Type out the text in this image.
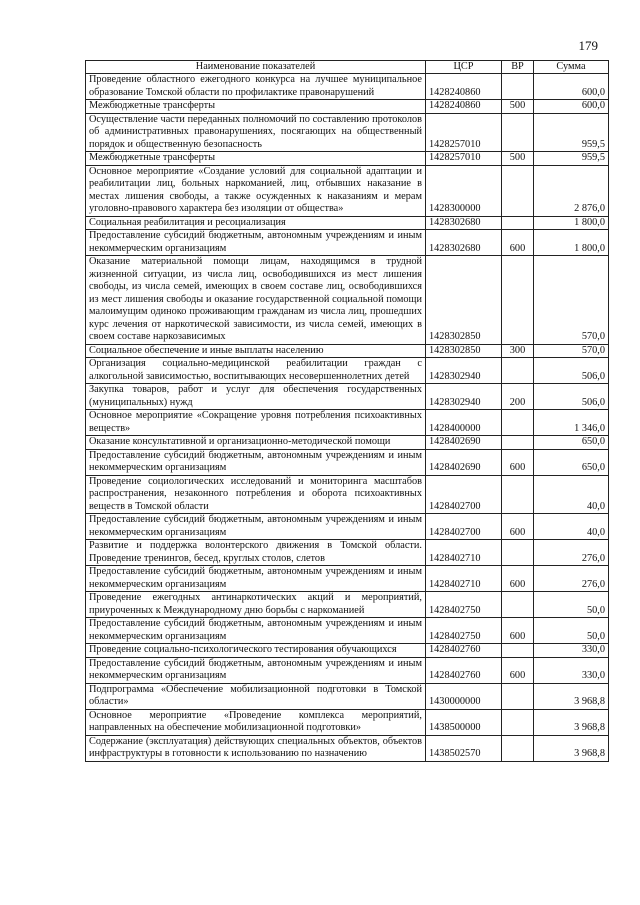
179
Наименование показателей	ЦСР	ВР	Сумма
Проведение областного ежегодного конкурса на лучшее муниципальное образование Томской области по профилактике правонарушений	1428240860		600,0
Межбюджетные трансферты	1428240860	500	600,0
Осуществление части переданных полномочий по составлению протоколов об административных правонарушениях, посягающих на общественный порядок и общественную безопасность	1428257010		959,5
Межбюджетные трансферты	1428257010	500	959,5
Основное мероприятие «Создание условий для социальной адаптации и реабилитации лиц, больных наркоманией, лиц, отбывших наказание в местах лишения свободы, а также осужденных к наказаниям и мерам уголовно-правового характера без изоляции от общества»	1428300000		2 876,0
Социальная реабилитация и ресоциализация	1428302680		1 800,0
Предоставление субсидий бюджетным, автономным учреждениям и иным некоммерческим организациям	1428302680	600	1 800,0
Оказание материальной помощи лицам, находящимся в трудной жизненной ситуации, из числа лиц, освободившихся из мест лишения свободы, из числа семей, имеющих в своем составе лиц, освободившихся из мест лишения свободы и оказание государственной социальной помощи малоимущим одиноко проживающим гражданам из числа лиц, прошедших курс лечения от наркотической зависимости, из числа семей, имеющих в своем составе наркозависимых	1428302850		570,0
Социальное обеспечение и иные выплаты населению	1428302850	300	570,0
Организация социально-медицинской реабилитации граждан с алкогольной зависимостью, воспитывающих несовершеннолетних детей	1428302940		506,0
Закупка товаров, работ и услуг для обеспечения государственных (муниципальных) нужд	1428302940	200	506,0
Основное мероприятие «Сокращение уровня потребления психоактивных веществ»	1428400000		1 346,0
Оказание консультативной и организационно-методической помощи	1428402690		650,0
Предоставление субсидий бюджетным, автономным учреждениям и иным некоммерческим организациям	1428402690	600	650,0
Проведение социологических исследований и мониторинга масштабов распространения, незаконного потребления и оборота психоактивных веществ в Томской области	1428402700		40,0
Предоставление субсидий бюджетным, автономным учреждениям и иным некоммерческим организациям	1428402700	600	40,0
Развитие и поддержка волонтерского движения в Томской области. Проведение тренингов, бесед, круглых столов, слетов	1428402710		276,0
Предоставление субсидий бюджетным, автономным учреждениям и иным некоммерческим организациям	1428402710	600	276,0
Проведение ежегодных антинаркотических акций и мероприятий, приуроченных к Международному дню борьбы с наркоманией	1428402750		50,0
Предоставление субсидий бюджетным, автономным учреждениям и иным некоммерческим организациям	1428402750	600	50,0
Проведение социально-психологического тестирования обучающихся	1428402760		330,0
Предоставление субсидий бюджетным, автономным учреждениям и иным некоммерческим организациям	1428402760	600	330,0
Подпрограмма «Обеспечение мобилизационной подготовки в Томской области»	1430000000		3 968,8
Основное мероприятие «Проведение комплекса мероприятий, направленных на обеспечение мобилизационной подготовки»	1438500000		3 968,8
Содержание (эксплуатация) действующих специальных объектов, объектов инфраструктуры в готовности к использованию по назначению	1438502570		3 968,8
